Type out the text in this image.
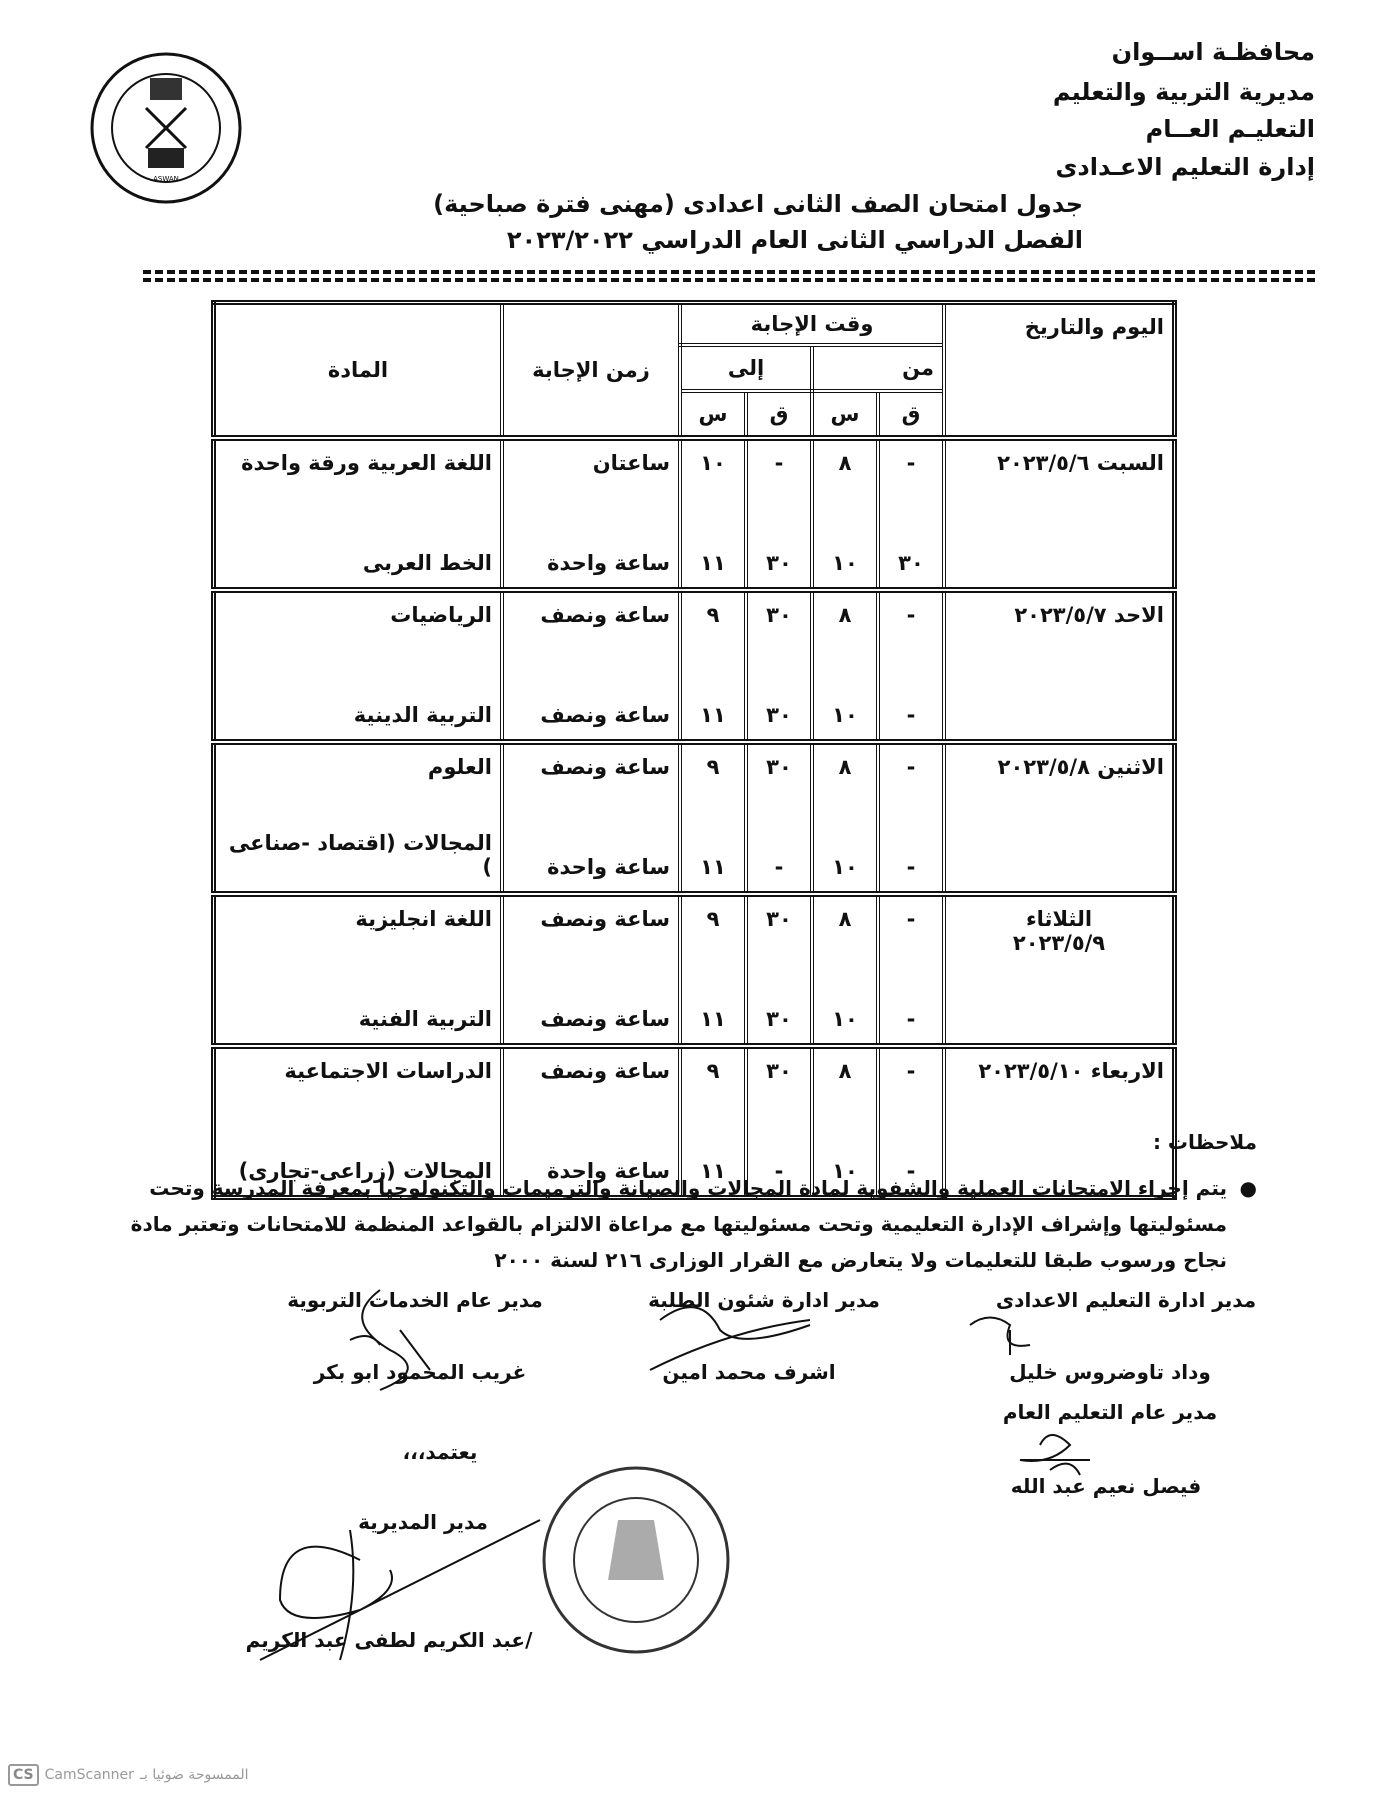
ASWAN
محافظـة اســوان
مديرية التربية والتعليم
التعليـم العــام
إدارة التعليم الاعـدادى
جدول امتحان الصف الثانى اعدادى (مهنى فترة صباحية)
الفصل الدراسي الثانى العام الدراسي ٢٠٢٣/٢٠٢٢
اليوم والتاريخ	وقت الإجابة				زمن الإجابة	المادة
	من		إلى			
	ق	س	ق	س		
السبت ٢٠٢٣/٥/٦	-	٨	-	١٠	ساعتان	اللغة العربية ورقة واحدة
	٣٠	١٠	٣٠	١١	ساعة واحدة	الخط العربى
الاحد ٢٠٢٣/٥/٧	-	٨	٣٠	٩	ساعة ونصف	الرياضيات
	-	١٠	٣٠	١١	ساعة ونصف	التربية الدينية
الاثنين ٢٠٢٣/٥/٨	-	٨	٣٠	٩	ساعة ونصف	العلوم
	-	١٠	-	١١	ساعة واحدة	المجالات (اقتصاد -صناعى )
الثلاثاء
٢٠٢٣/٥/٩	-	٨	٣٠	٩	ساعة ونصف	اللغة انجليزية
	-	١٠	٣٠	١١	ساعة ونصف	التربية الفنية
الاربعاء ٢٠٢٣/٥/١٠	-	٨	٣٠	٩	ساعة ونصف	الدراسات الاجتماعية
	-	١٠	-	١١	ساعة واحدة	المجالات (زراعى-تجارى)
ملاحظات :
●
يتم إجراء الامتحانات العملية والشفوية لمادة المجالات والصيانة والترميمات والتكنولوجيا بمعرفة المدرسة وتحت مسئوليتها وإشراف الإدارة التعليمية وتحت مسئوليتها مع مراعاة الالتزام بالقواعد المنظمة للامتحانات وتعتبر مادة نجاح ورسوب طبقا للتعليمات ولا يتعارض مع القرار الوزارى ٢١٦ لسنة ٢٠٠٠
مدير ادارة التعليم الاعدادى
مدير ادارة شئون الطلبة
مدير عام الخدمات التربوية
وداد تاوضروس خليل
اشرف محمد امين
غريب المحمود ابو بكر
مدير عام التعليم العام
فيصل نعيم عبد الله
يعتمد،،،
مدير المديرية
/عبد الكريم لطفى عبد الكريم
CS CamScanner الممسوحة ضوئيا بـ
